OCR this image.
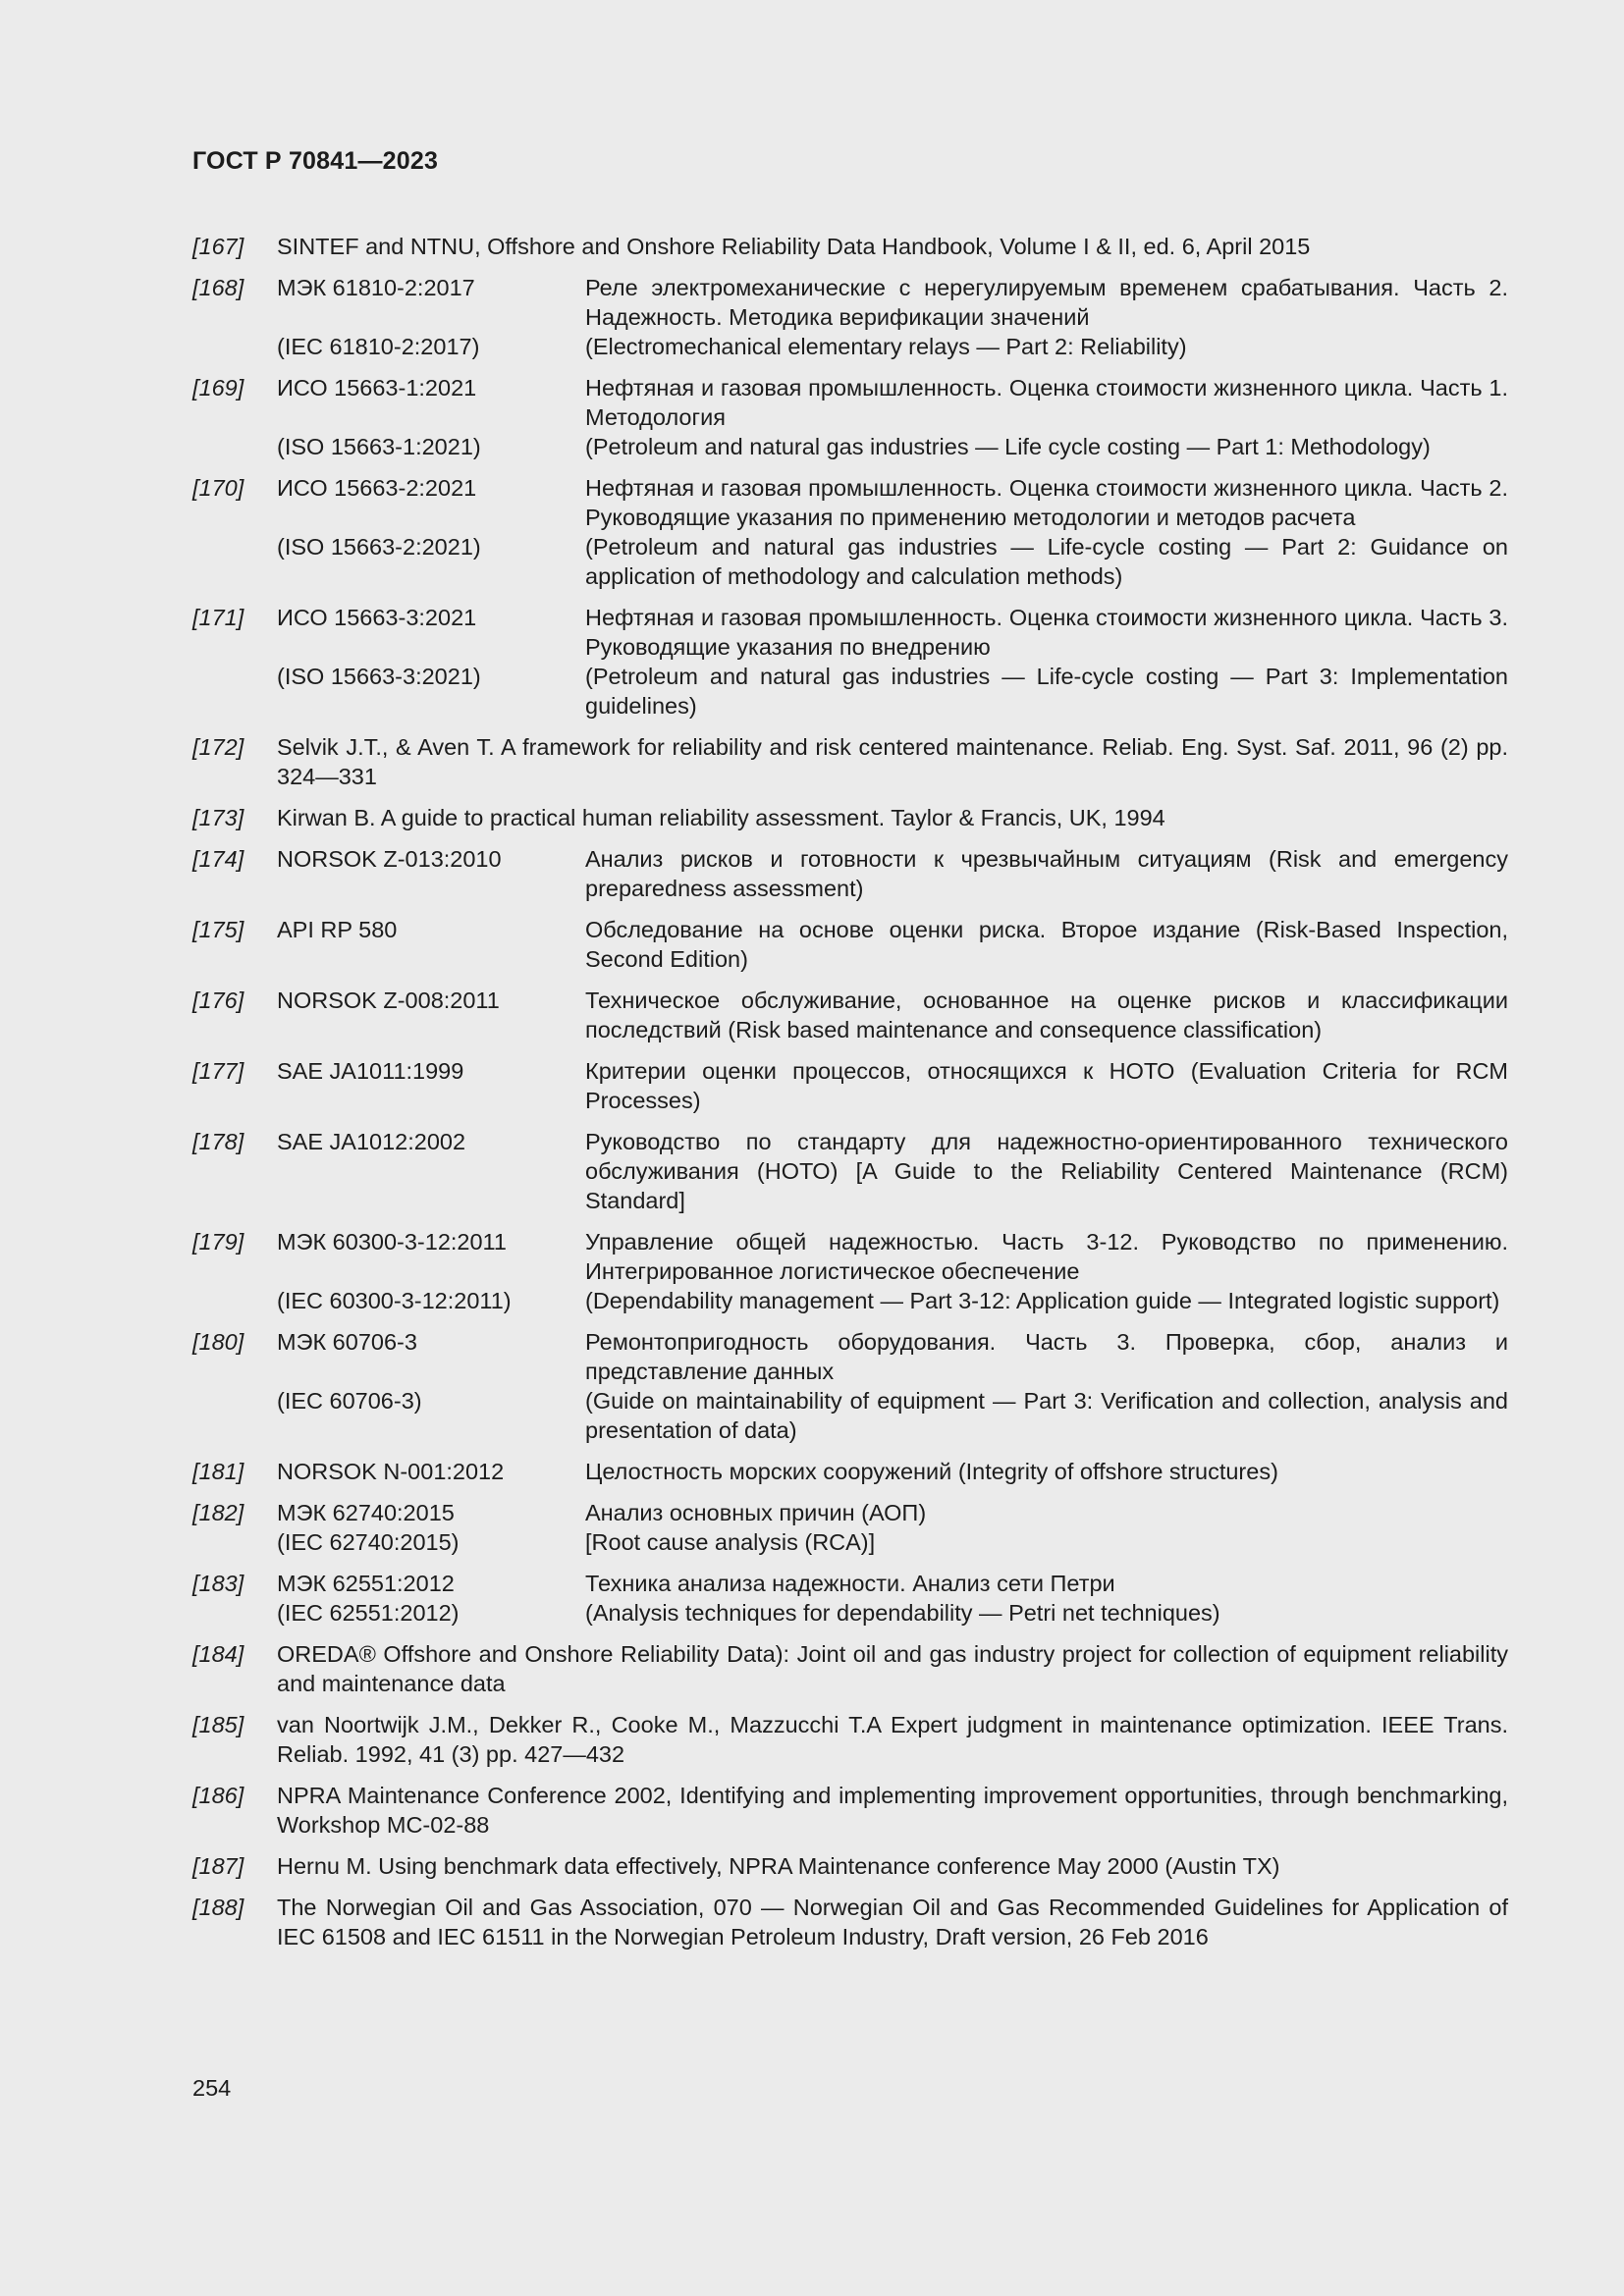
ГОСТ Р 70841—2023
[167]	SINTEF and NTNU, Offshore and Onshore Reliability Data Handbook, Volume I & II, ed. 6, April 2015
[168]	МЭК 61810-2:2017	Реле электромеханические с нерегулируемым временем срабатывания. Часть 2. Надежность. Методика верификации значений
(IEC 61810-2:2017)	(Electromechanical elementary relays — Part 2: Reliability)
[169]	ИСО 15663-1:2021	Нефтяная и газовая промышленность. Оценка стоимости жизненного цикла. Часть 1. Методология
(ISO 15663-1:2021)	(Petroleum and natural gas industries — Life cycle costing — Part 1: Methodology)
[170]	ИСО 15663-2:2021	Нефтяная и газовая промышленность. Оценка стоимости жизненного цикла. Часть 2. Руководящие указания по применению методологии и методов расчета
(ISO 15663-2:2021)	(Petroleum and natural gas industries — Life-cycle costing — Part 2: Guidance on application of methodology and calculation methods)
[171]	ИСО 15663-3:2021	Нефтяная и газовая промышленность. Оценка стоимости жизненного цикла. Часть 3. Руководящие указания по внедрению
(ISO 15663-3:2021)	(Petroleum and natural gas industries — Life-cycle costing — Part 3: Implementation guidelines)
[172]	Selvik J.T., & Aven T. A framework for reliability and risk centered maintenance. Reliab. Eng. Syst. Saf. 2011, 96 (2) pp. 324—331
[173]	Kirwan B. A guide to practical human reliability assessment. Taylor & Francis, UK, 1994
[174]	NORSOK Z-013:2010	Анализ рисков и готовности к чрезвычайным ситуациям (Risk and emergency preparedness assessment)
[175]	API RP 580	Обследование на основе оценки риска. Второе издание (Risk-Based Inspection, Second Edition)
[176]	NORSOK Z-008:2011	Техническое обслуживание, основанное на оценке рисков и классификации последствий (Risk based maintenance and consequence classification)
[177]	SAE JA1011:1999	Критерии оценки процессов, относящихся к НОТО (Evaluation Criteria for RCM Processes)
[178]	SAE JA1012:2002	Руководство по стандарту для надежностно-ориентированного технического обслуживания (НОТО) [A Guide to the Reliability Centered Maintenance (RCM) Standard]
[179]	МЭК 60300-3-12:2011	Управление общей надежностью. Часть 3-12. Руководство по применению. Интегрированное логистическое обеспечение
(IEC 60300-3-12:2011)	(Dependability management — Part 3-12: Application guide — Integrated logistic support)
[180]	МЭК 60706-3	Ремонтопригодность оборудования. Часть 3. Проверка, сбор, анализ и представление данных
(IEC 60706-3)	(Guide on maintainability of equipment — Part 3: Verification and collection, analysis and presentation of data)
[181]	NORSOK N-001:2012	Целостность морских сооружений (Integrity of offshore structures)
[182]	МЭК 62740:2015	Анализ основных причин (АОП)
(IEC 62740:2015)	[Root cause analysis (RCA)]
[183]	МЭК 62551:2012	Техника анализа надежности. Анализ сети Петри
(IEC 62551:2012)	(Analysis techniques for dependability — Petri net techniques)
[184]	OREDA® Offshore and Onshore Reliability Data): Joint oil and gas industry project for collection of equipment reliability and maintenance data
[185]	van Noortwijk J.M., Dekker R., Cooke M., Mazzucchi T.A Expert judgment in maintenance optimization. IEEE Trans. Reliab. 1992, 41 (3) pp. 427—432
[186]	NPRA Maintenance Conference 2002, Identifying and implementing improvement opportunities, through benchmarking, Workshop MC-02-88
[187]	Hernu M. Using benchmark data effectively, NPRA Maintenance conference May 2000 (Austin TX)
[188]	The Norwegian Oil and Gas Association, 070 — Norwegian Oil and Gas Recommended Guidelines for Application of IEC 61508 and IEC 61511 in the Norwegian Petroleum Industry, Draft version, 26 Feb 2016
254
